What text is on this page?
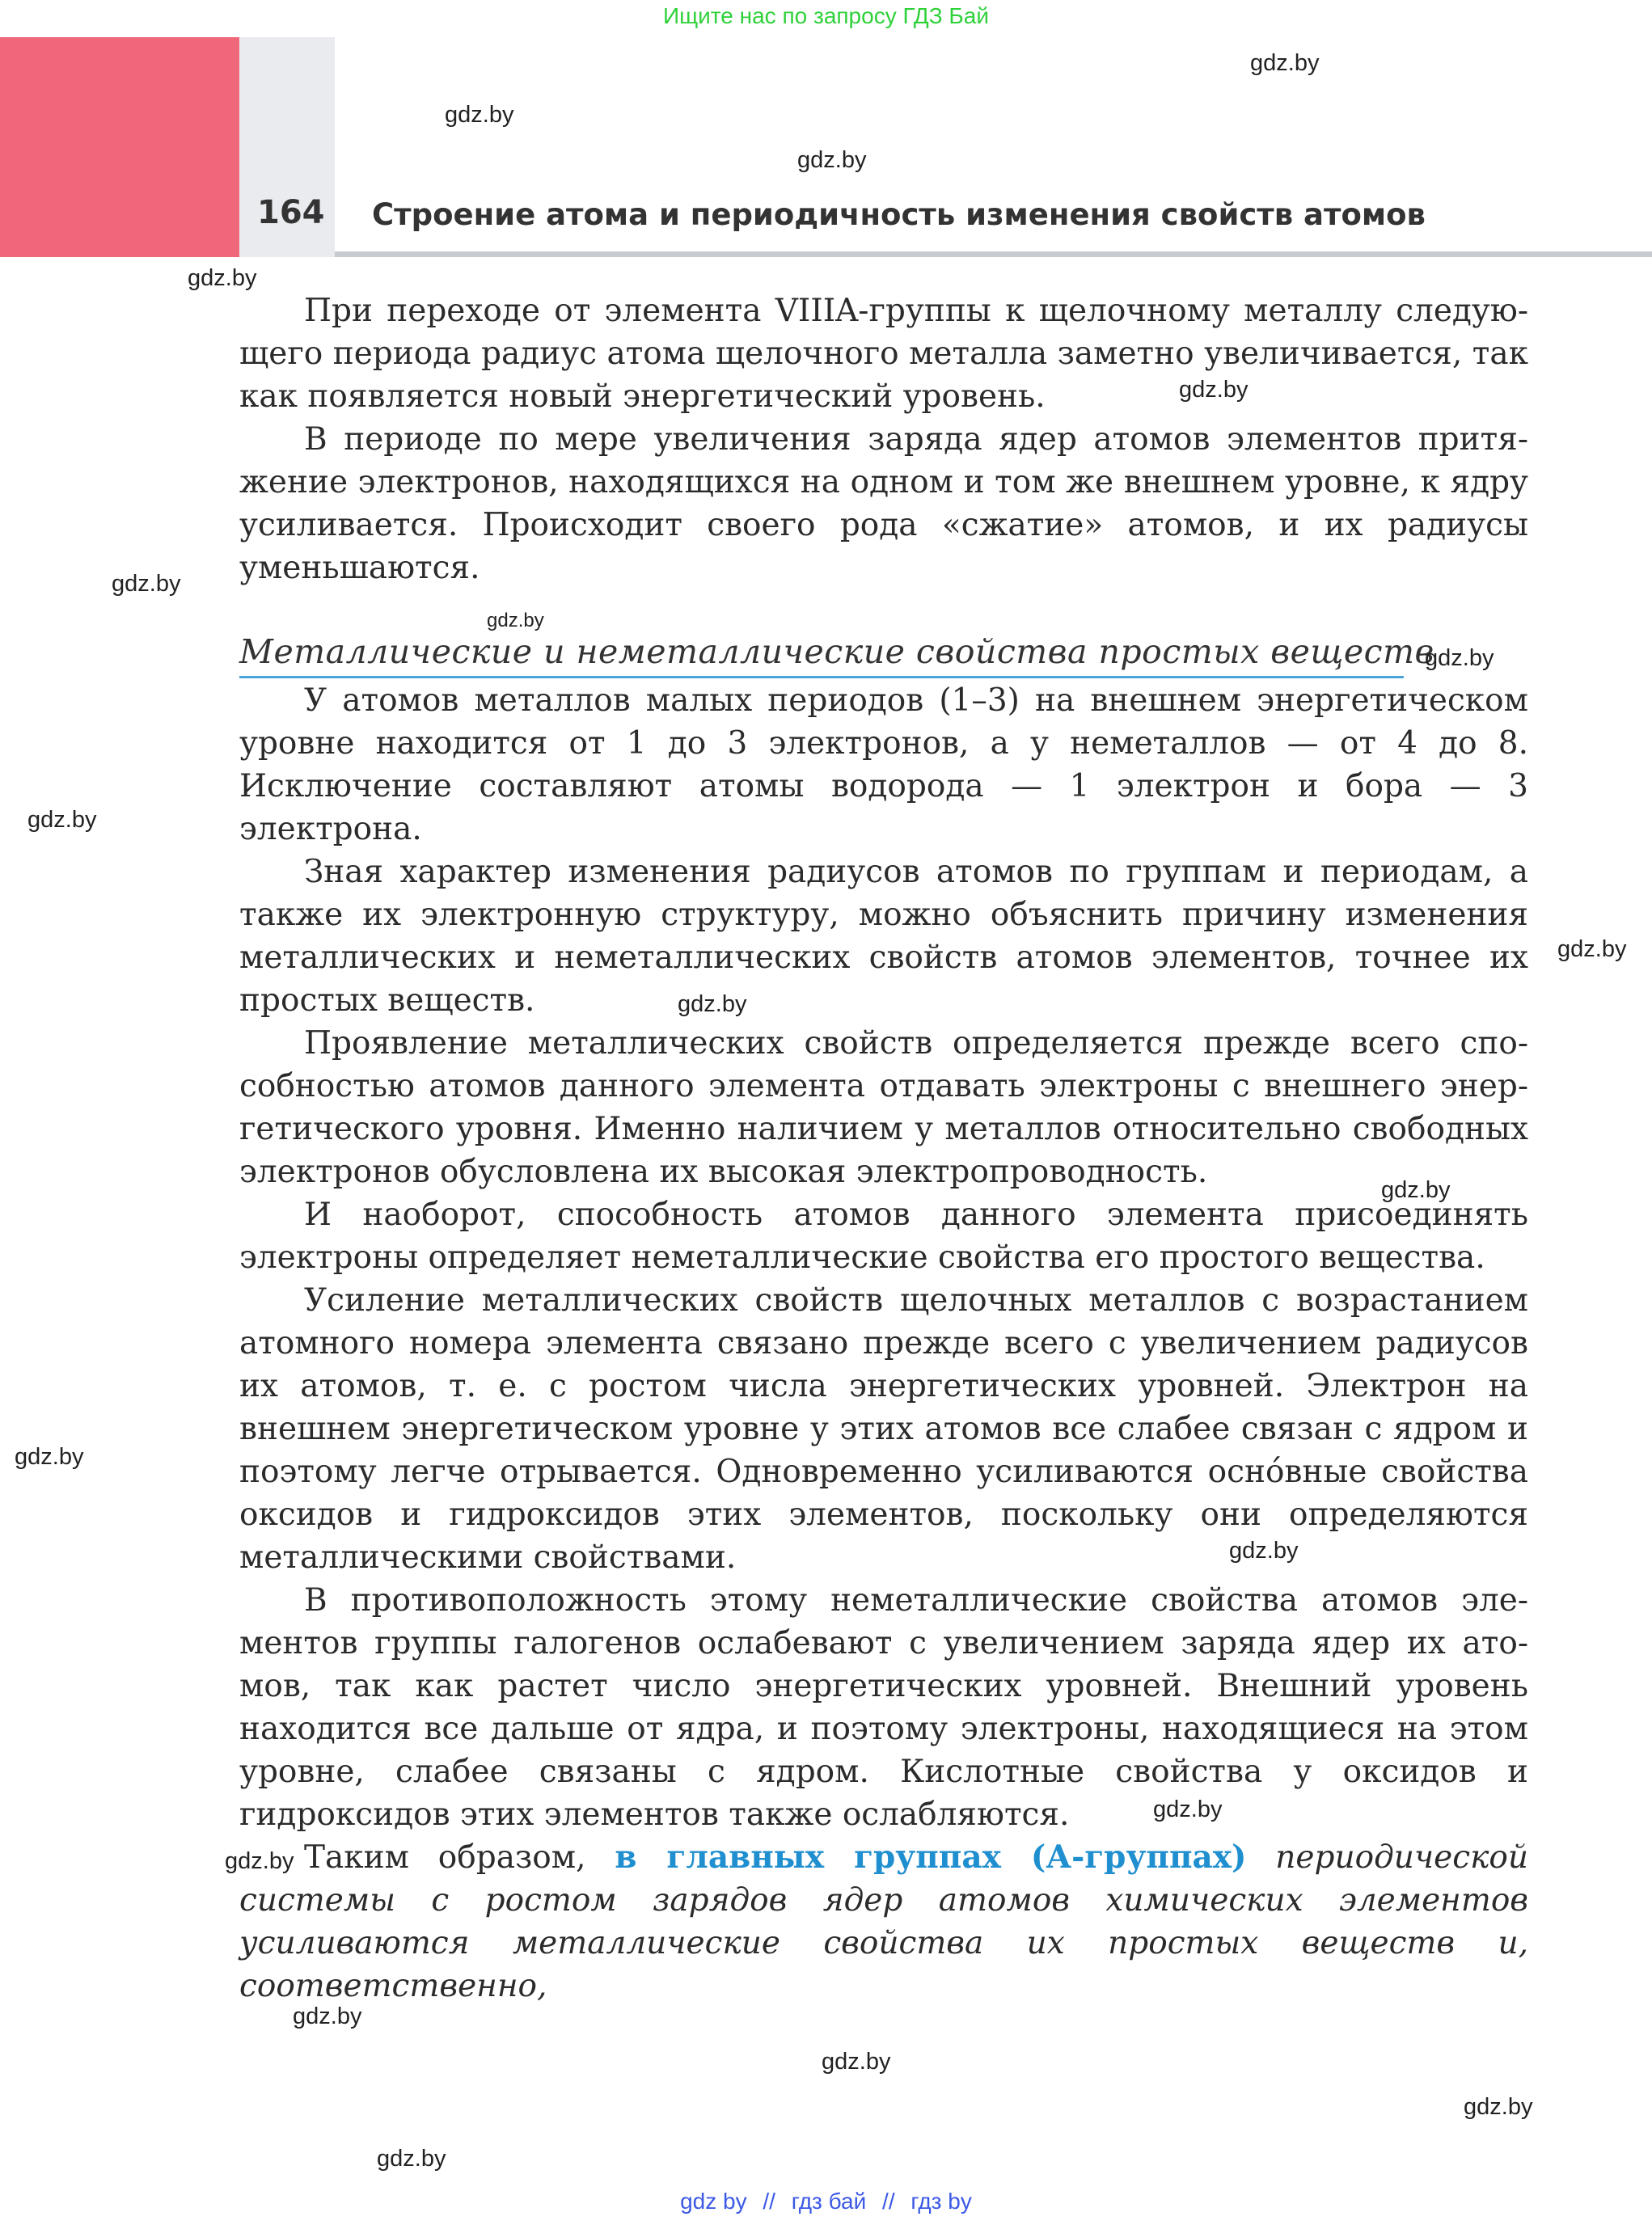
Ищите нас по запросу ГДЗ Бай
164 Строение атома и периодичность изменения свойств атомов

При переходе от элемента VIIIA-группы к щелочному металлу следующего периода радиус атома щелочного металла заметно увеличивается, так как появляется новый энергетический уровень.

В периоде по мере увеличения заряда ядер атомов элементов притяжение электронов, находящихся на одном и том же внешнем уровне, к ядру усиливается. Происходит своего рода «сжатие» атомов, и их радиусы уменьшаются.

Металлические и неметаллические свойства простых веществ

У атомов металлов малых периодов (1–3) на внешнем энергетическом уровне находится от 1 до 3 электронов, а у неметаллов — от 4 до 8. Исключение составляют атомы водорода — 1 электрон и бора — 3 электрона.

Зная характер изменения радиусов атомов по группам и периодам, а также их электронную структуру, можно объяснить причину изменения металлических и неметаллических свойств атомов элементов, точнее их простых веществ.

Проявление металлических свойств определяется прежде всего способностью атомов данного элемента отдавать электроны с внешнего энергетического уровня. Именно наличием у металлов относительно свободных электронов обусловлена их высокая электропроводность.

И наоборот, способность атомов данного элемента присоединять электроны определяет неметаллические свойства его простого вещества.

Усиление металлических свойств щелочных металлов с возрастанием атомного номера элемента связано прежде всего с увеличением радиусов их атомов, т. е. с ростом числа энергетических уровней. Электрон на внешнем энергетическом уровне у этих атомов все слабее связан с ядром и поэтому легче отрывается. Одновременно усиливаются осно́вные свойства оксидов и гидроксидов этих элементов, поскольку они определяются металлическими свойствами.

В противоположность этому неметаллические свойства атомов элементов группы галогенов ослабевают с увеличением заряда ядер их атомов, так как растет число энергетических уровней. Внешний уровень находится все дальше от ядра, и поэтому электроны, находящиеся на этом уровне, слабее связаны с ядром. Кислотные свойства у оксидов и гидроксидов этих элементов также ослабляются.

Таким образом, в главных группах (А-группах) периодической системы с ростом зарядов ядер атомов химических элементов усиливаются металлические свойства их простых веществ и, соответственно,

gdz.by
gdz.by
gdz.by
gdz.by
gdz.by
gdz.by
gdz.by
gdz.by
gdz.by
gdz.by
gdz.by
gdz.by
gdz.by
gdz.by
gdz.by
gdz.by
gdz.by
gdz.by
gdz.by
gdz.by
gdz by // гдз бай // гдз by
